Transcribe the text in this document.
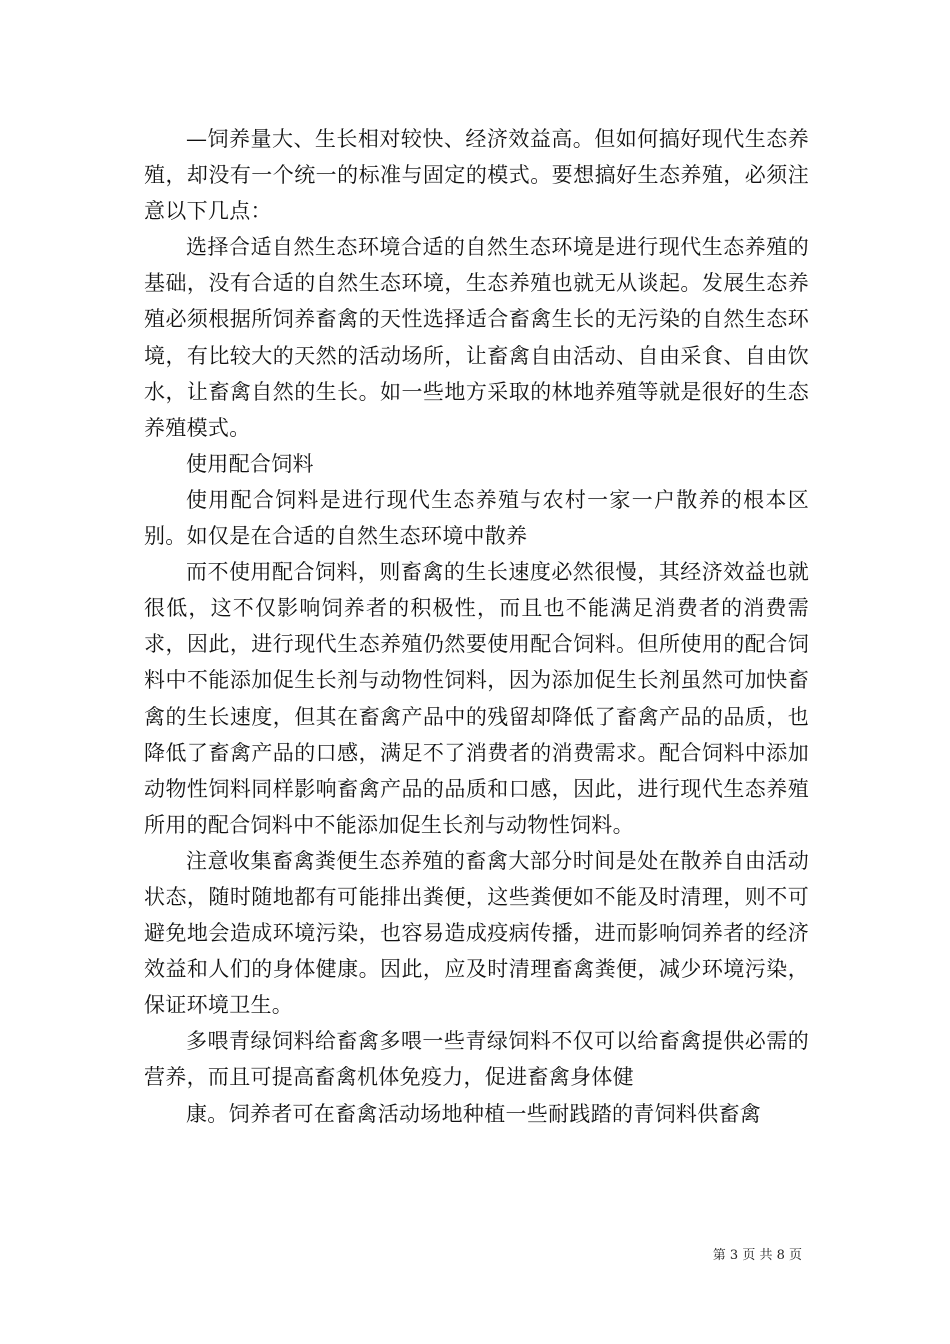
—饲养量大、生长相对较快、经济效益高。但如何搞好现代生态养殖，却没有一个统一的标准与固定的模式。要想搞好生态养殖，必须注意以下几点：

选择合适自然生态环境合适的自然生态环境是进行现代生态养殖的基础，没有合适的自然生态环境，生态养殖也就无从谈起。发展生态养殖必须根据所饲养畜禽的天性选择适合畜禽生长的无污染的自然生态环境，有比较大的天然的活动场所，让畜禽自由活动、自由采食、自由饮水，让畜禽自然的生长。如一些地方采取的林地养殖等就是很好的生态养殖模式。

使用配合饲料

使用配合饲料是进行现代生态养殖与农村一家一户散养的根本区别。如仅是在合适的自然生态环境中散养

而不使用配合饲料，则畜禽的生长速度必然很慢，其经济效益也就很低，这不仅影响饲养者的积极性，而且也不能满足消费者的消费需求，因此，进行现代生态养殖仍然要使用配合饲料。但所使用的配合饲料中不能添加促生长剂与动物性饲料，因为添加促生长剂虽然可加快畜禽的生长速度，但其在畜禽产品中的残留却降低了畜禽产品的品质，也降低了畜禽产品的口感，满足不了消费者的消费需求。配合饲料中添加动物性饲料同样影响畜禽产品的品质和口感，因此，进行现代生态养殖所用的配合饲料中不能添加促生长剂与动物性饲料。

注意收集畜禽粪便生态养殖的畜禽大部分时间是处在散养自由活动状态，随时随地都有可能排出粪便，这些粪便如不能及时清理，则不可避免地会造成环境污染，也容易造成疫病传播，进而影响饲养者的经济效益和人们的身体健康。因此，应及时清理畜禽粪便，减少环境污染，保证环境卫生。

多喂青绿饲料给畜禽多喂一些青绿饲料不仅可以给畜禽提供必需的营养，而且可提高畜禽机体免疫力，促进畜禽身体健

康。饲养者可在畜禽活动场地种植一些耐践踏的青饲料供畜禽

第 3 页 共 8 页
